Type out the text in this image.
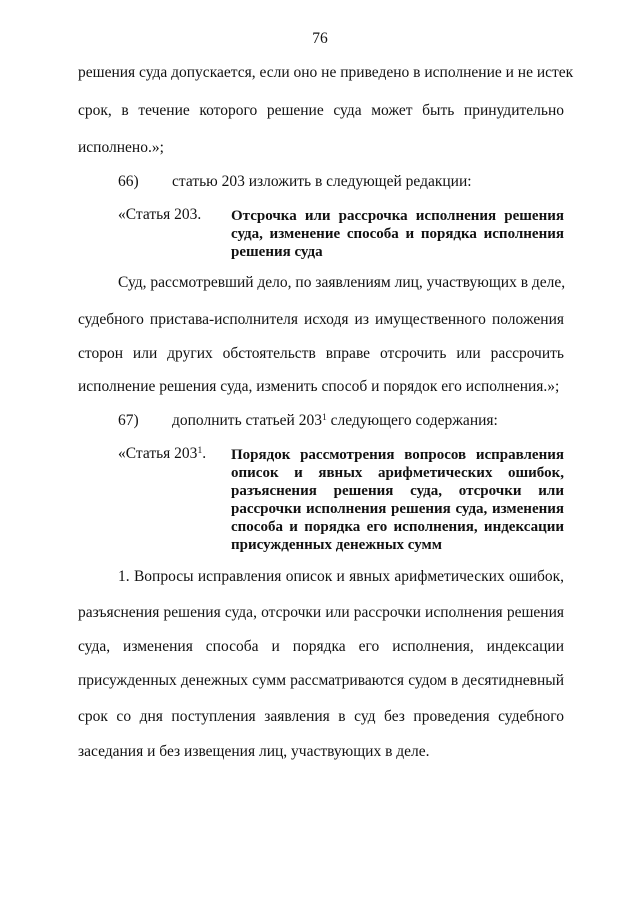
76
решения суда допускается, если оно не приведено в исполнение и не истек
срок, в течение которого решение суда может быть принудительно
исполнено.»;
66) статью 203 изложить в следующей редакции:
«Статья 203. Отсрочка или рассрочка исполнения решения
суда, изменение способа и порядка исполнения
решения суда
Суд, рассмотревший дело, по заявлениям лиц, участвующих в деле,
судебного пристава-исполнителя исходя из имущественного положения
сторон или других обстоятельств вправе отсрочить или рассрочить
исполнение решения суда, изменить способ и порядок его исполнения.»;
67) дополнить статьей $203^1$ следующего содержания:
«Статья $203^1$. Порядок рассмотрения вопросов исправления
описок и явных арифметических ошибок,
разъяснения решения суда, отсрочки или
рассрочки исполнения решения суда, изменения
способа и порядка его исполнения, индексации
присужденных денежных сумм
1. Вопросы исправления описок и явных арифметических ошибок,
разъяснения решения суда, отсрочки или рассрочки исполнения решения
суда, изменения способа и порядка его исполнения, индексации
присужденных денежных сумм рассматриваются судом в десятидневный
срок со дня поступления заявления в суд без проведения судебного
заседания и без извещения лиц, участвующих в деле.
